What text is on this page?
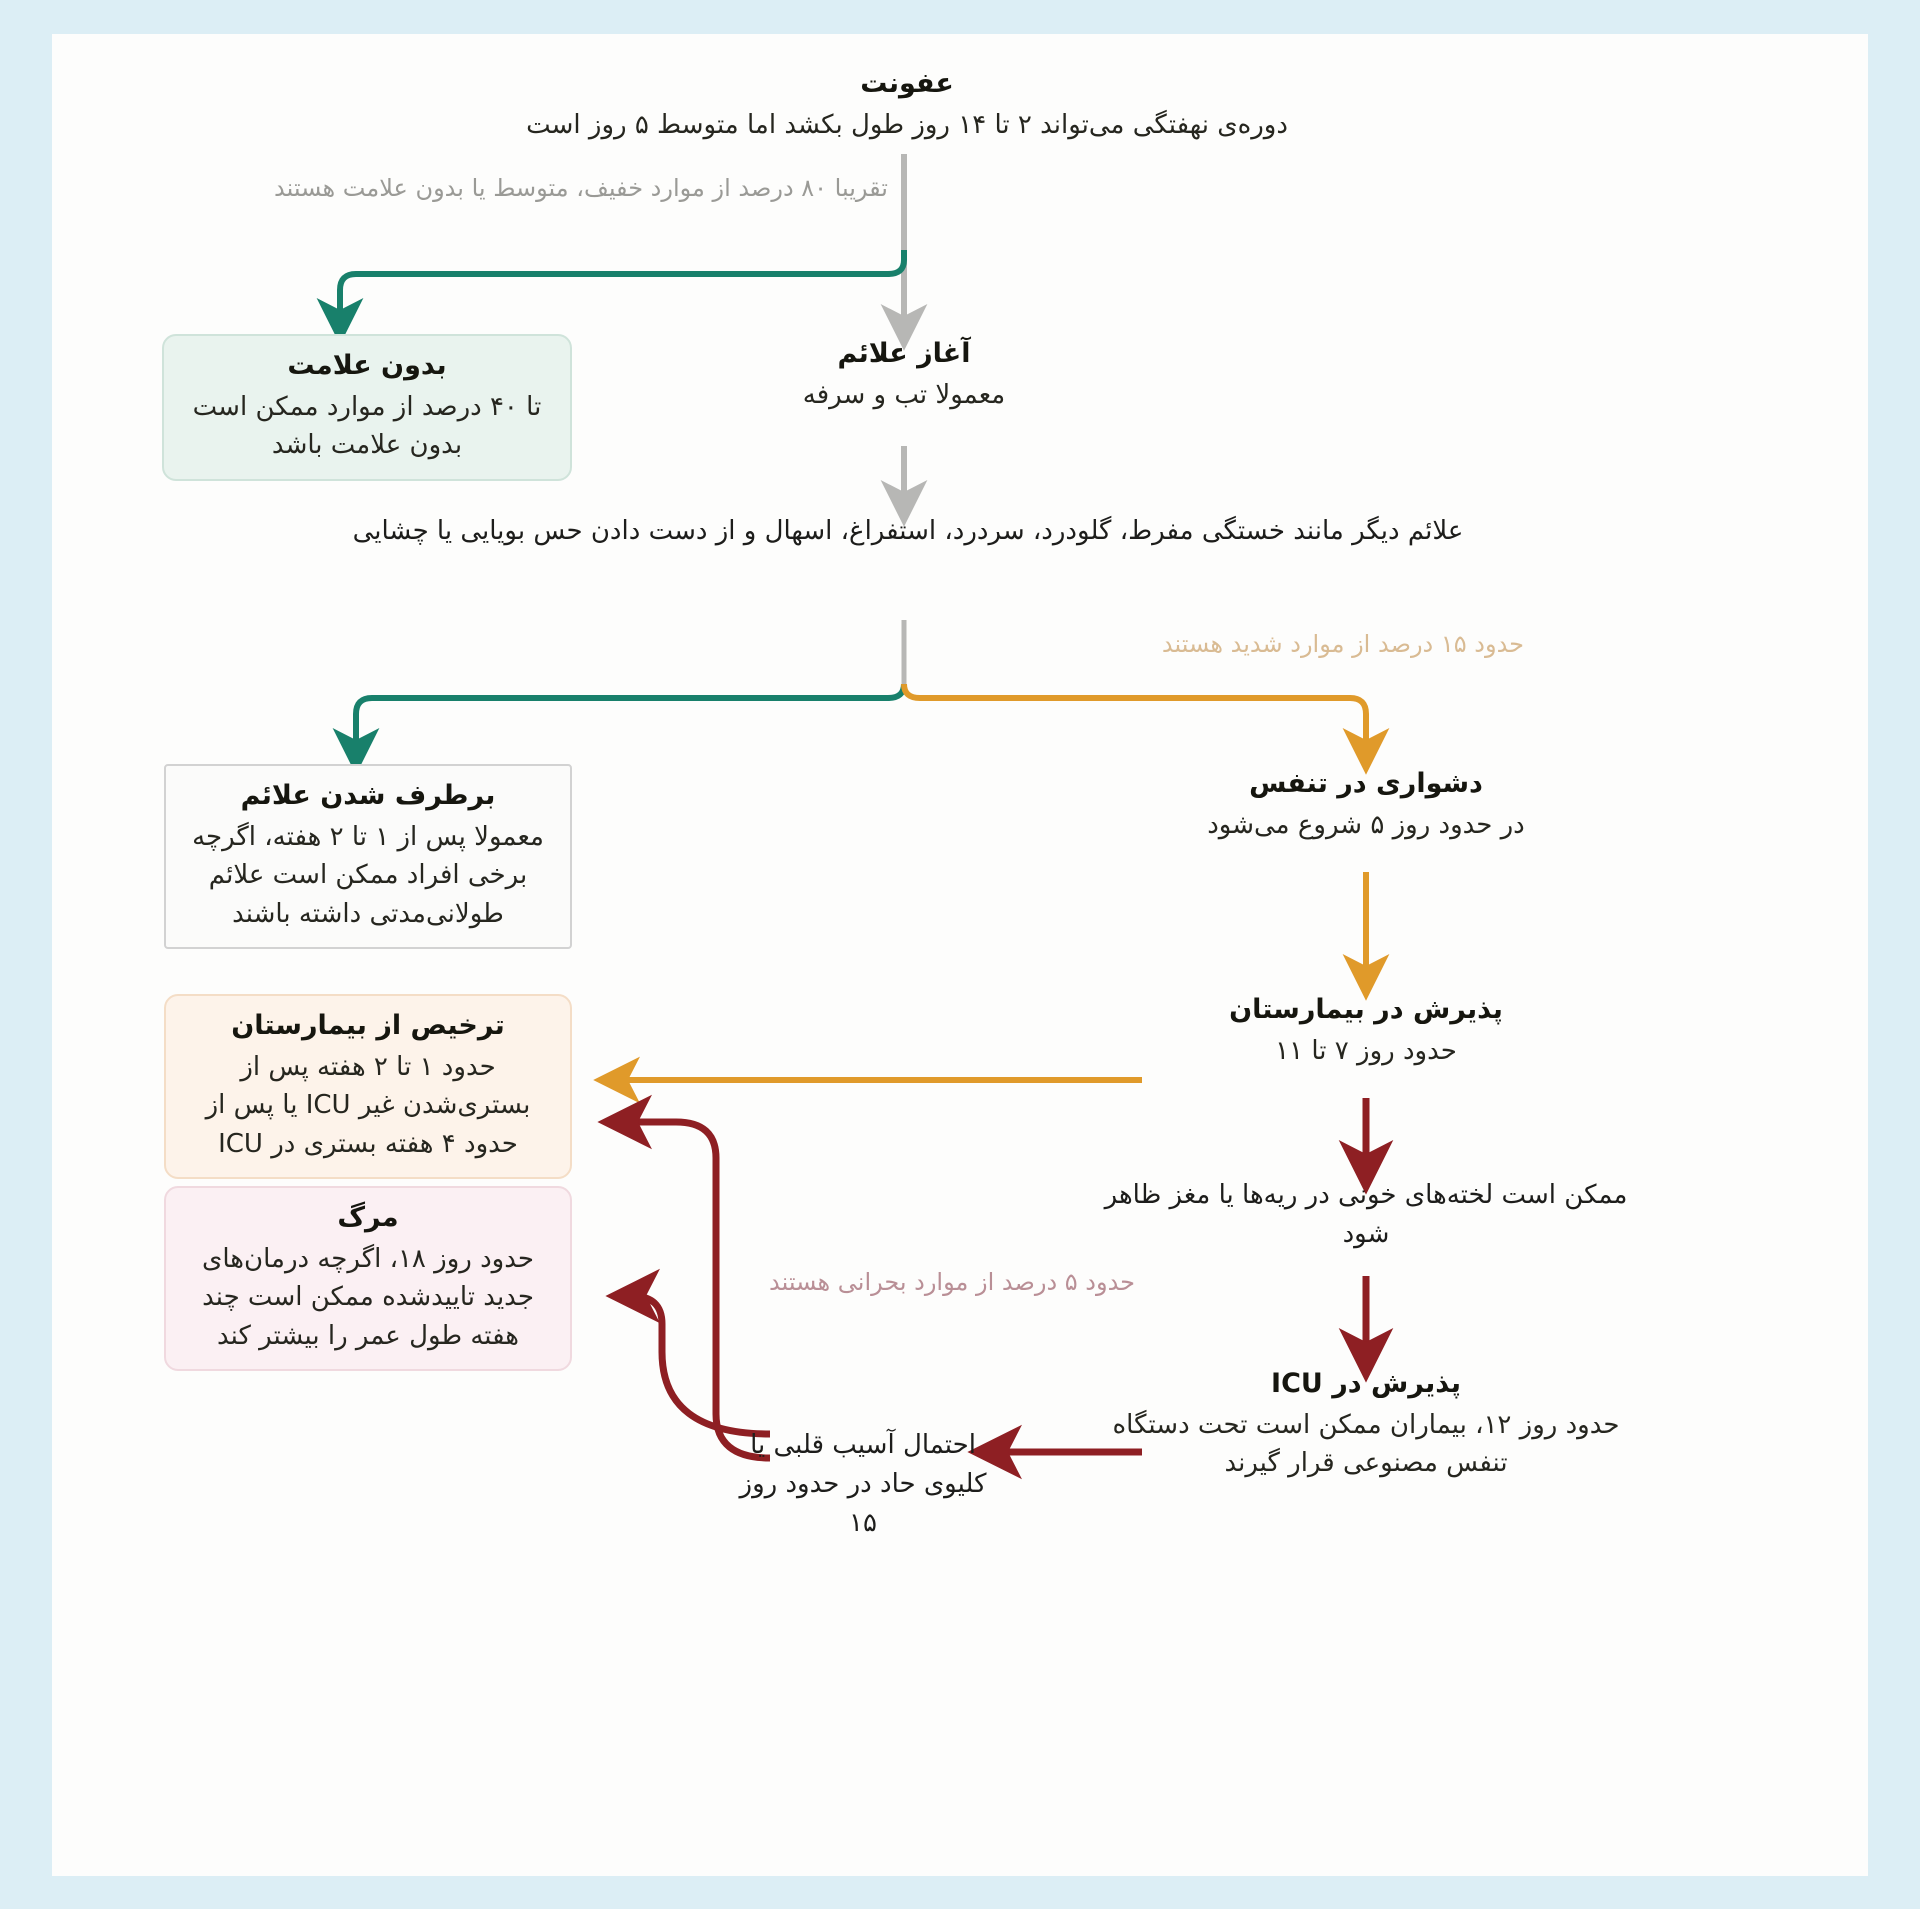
عفونت
دوره‌ی نهفتگی می‌تواند ۲ تا ۱۴ روز طول بکشد اما متوسط ۵ روز است
تقریبا ۸۰ درصد از موارد خفیف، متوسط یا بدون علامت هستند
بدون علامت
تا ۴۰ درصد از موارد ممکن است بدون علامت باشد
آغاز علائم
معمولا تب و سرفه
علائم دیگر مانند خستگی مفرط، گلودرد، سردرد، استفراغ، اسهال و از دست دادن حس بویایی یا چشایی
حدود ۱۵ درصد از موارد شدید هستند
برطرف شدن علائم
معمولا پس از ۱ تا ۲ هفته، اگرچه برخی افراد ممکن است علائم طولانی‌مدتی داشته باشند
دشواری در تنفس
در حدود روز ۵ شروع می‌شود
ترخیص از بیمارستان
حدود ۱ تا ۲ هفته پس از بستری‌شدن غیر ICU یا پس از حدود ۴ هفته بستری در ICU
پذیرش در بیمارستان
حدود روز ۷ تا ۱۱
ممکن است لخته‌های خونی در ریه‌ها یا مغز ظاهر شود
مرگ
حدود روز ۱۸، اگرچه درمان‌های جدید تاییدشده ممکن است چند هفته طول عمر را بیشتر کند
حدود ۵ درصد از موارد بحرانی هستند
پذیرش در ICU
حدود روز ۱۲، بیماران ممکن است تحت دستگاه تنفس مصنوعی قرار گیرند
احتمال آسیب قلبی یا کلیوی حاد در حدود روز ۱۵
